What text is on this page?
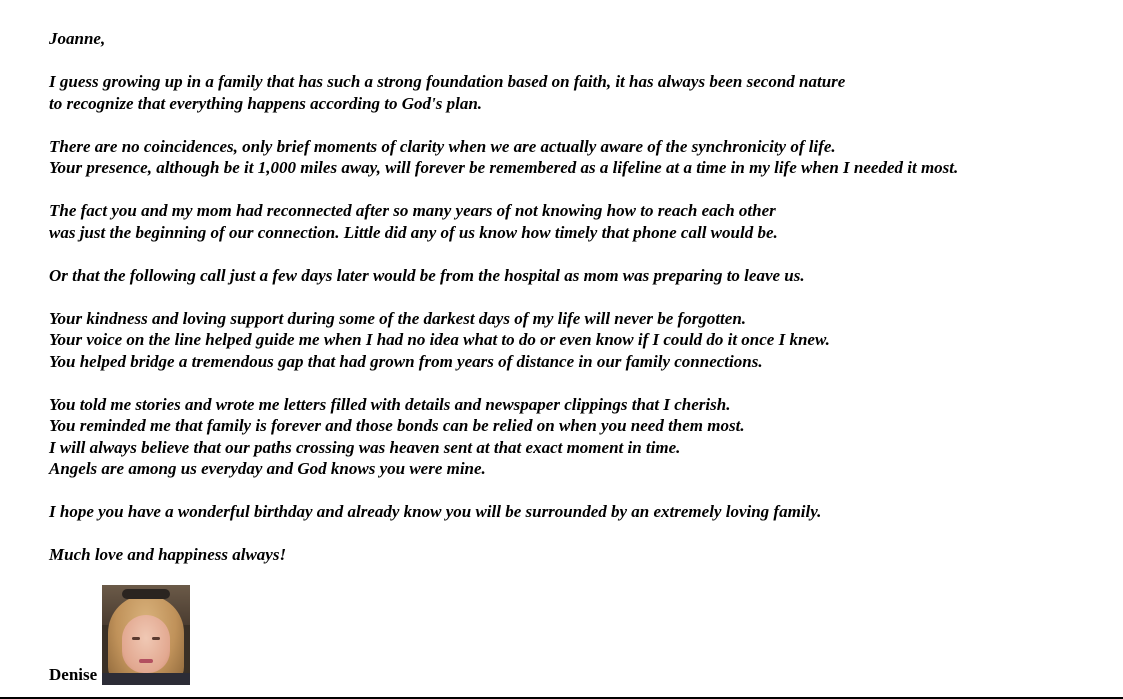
Joanne,

I guess growing up in a family that has such a strong foundation based on faith, it has always been second nature

to recognize that everything happens according to God's plan.

There are no coincidences, only brief moments of clarity when we are actually aware of the synchronicity of life.

Your presence, although be it 1,000 miles away, will forever be remembered as a lifeline at a time in my life when I needed it most.

The fact you and my mom had reconnected after so many years of not knowing how to reach each other

was just the beginning of our connection. Little did any of us know how timely that phone call would be.

Or that the following call just a few days later would be from the hospital as mom was preparing to leave us.

Your kindness and loving support during some of the darkest days of my life will never be forgotten.

Your voice on the line helped guide me when I had no idea what to do or even know if I could do it once I knew.

You helped bridge a tremendous gap that had grown from years of distance in our family connections.

You told me stories and wrote me letters filled with details and newspaper clippings that I cherish.

You reminded me that family is forever and those bonds can be relied on when you need them most.

I will always believe that our paths crossing was heaven sent at that exact moment in time.

Angels are among us everyday and God knows you were mine.

I hope you have a wonderful birthday and already know you will be surrounded by an extremely loving family.

Much love and happiness always!

Denise
